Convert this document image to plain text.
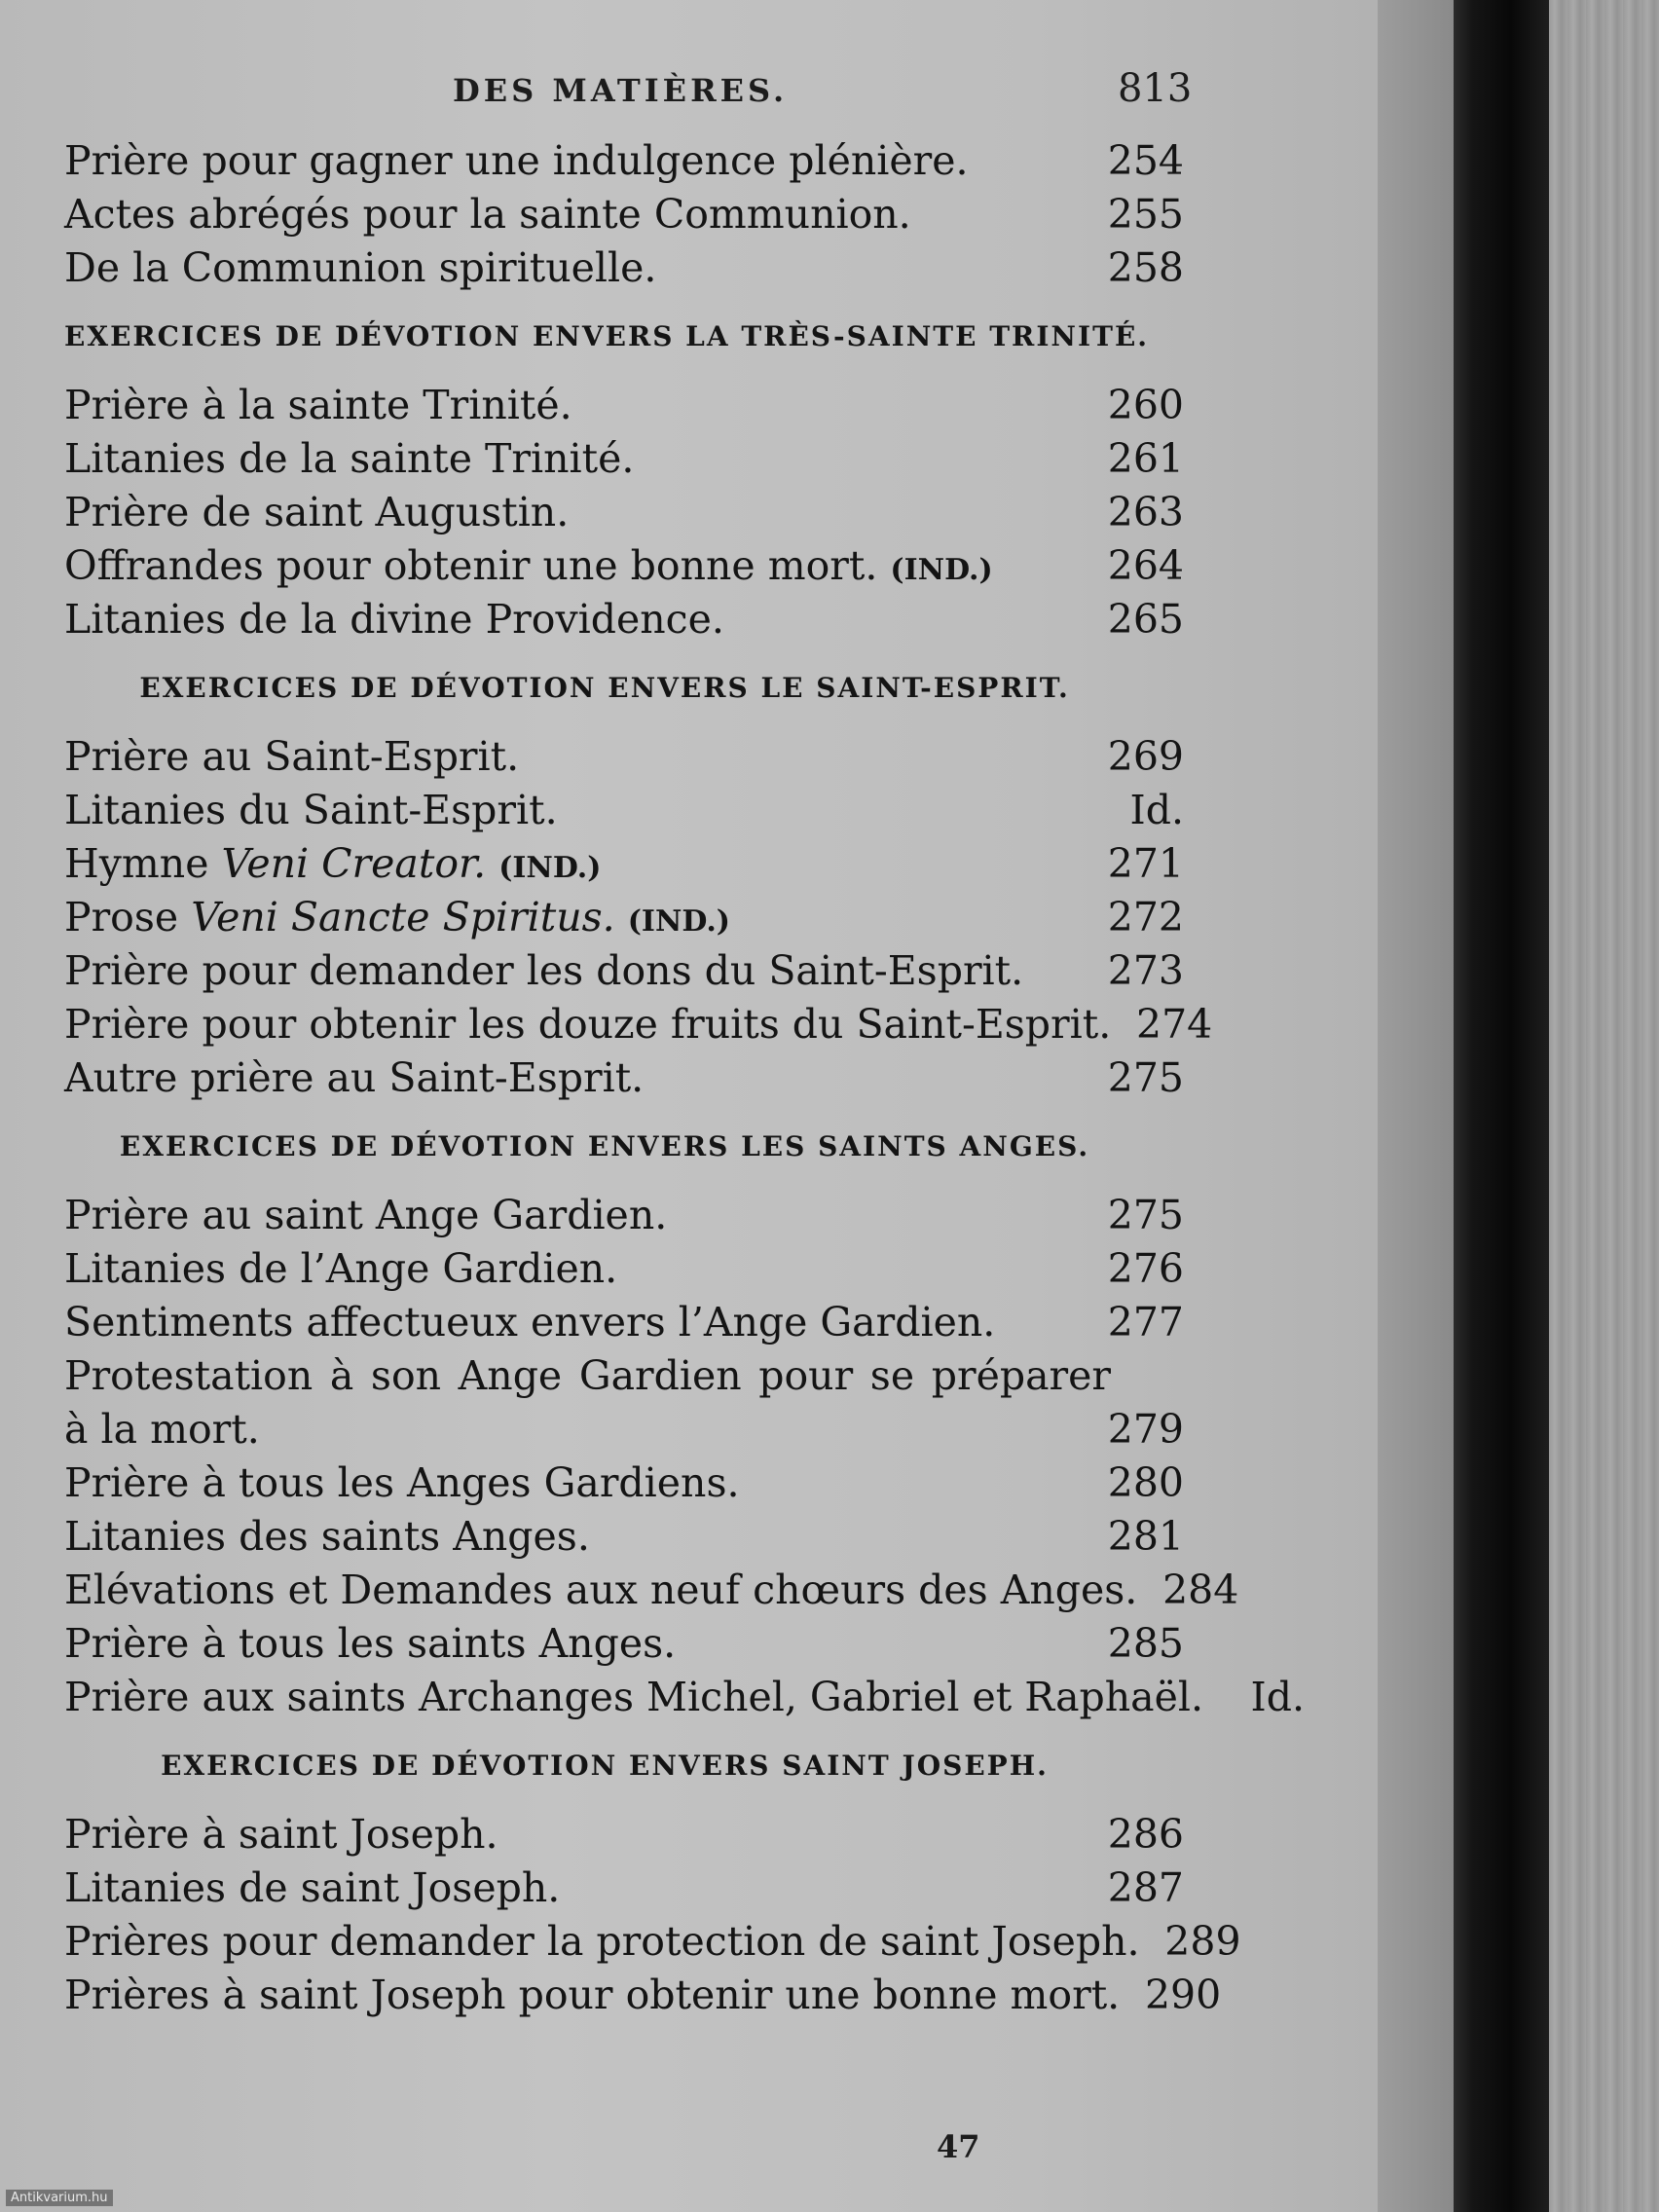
DES MATIÈRES.	813
Prière pour gagner une indulgence plénière.	254
Actes abrégés pour la sainte Communion.	255
De la Communion spirituelle.	258
EXERCICES DE DÉVOTION ENVERS LA TRÈS-SAINTE TRINITÉ.
Prière à la sainte Trinité.	260
Litanies de la sainte Trinité.	261
Prière de saint Augustin.	263
Offrandes pour obtenir une bonne mort. (IND.)	264
Litanies de la divine Providence.	265
EXERCICES DE DÉVOTION ENVERS LE SAINT-ESPRIT.
Prière au Saint-Esprit.	269
Litanies du Saint-Esprit.	Id.
Hymne Veni Creator. (IND.)	271
Prose Veni Sancte Spiritus. (IND.)	272
Prière pour demander les dons du Saint-Esprit.	273
Prière pour obtenir les douze fruits du Saint-Esprit. 274
Autre prière au Saint-Esprit.	275
EXERCICES DE DÉVOTION ENVERS LES SAINTS ANGES.
Prière au saint Ange Gardien.	275
Litanies de l’Ange Gardien.	276
Sentiments affectueux envers l’Ange Gardien.	277
Protestation à son Ange Gardien pour se préparer à la mort.	279
Prière à tous les Anges Gardiens.	280
Litanies des saints Anges.	281
Elévations et Demandes aux neuf chœurs des Anges. 284
Prière à tous les saints Anges.	285
Prière aux saints Archanges Michel, Gabriel et Raphaël.	Id.
EXERCICES DE DÉVOTION ENVERS SAINT JOSEPH.
Prière à saint Joseph.	286
Litanies de saint Joseph.	287
Prières pour demander la protection de saint Joseph. 289
Prières à saint Joseph pour obtenir une bonne mort. 290
47
Antikvarium.hu
